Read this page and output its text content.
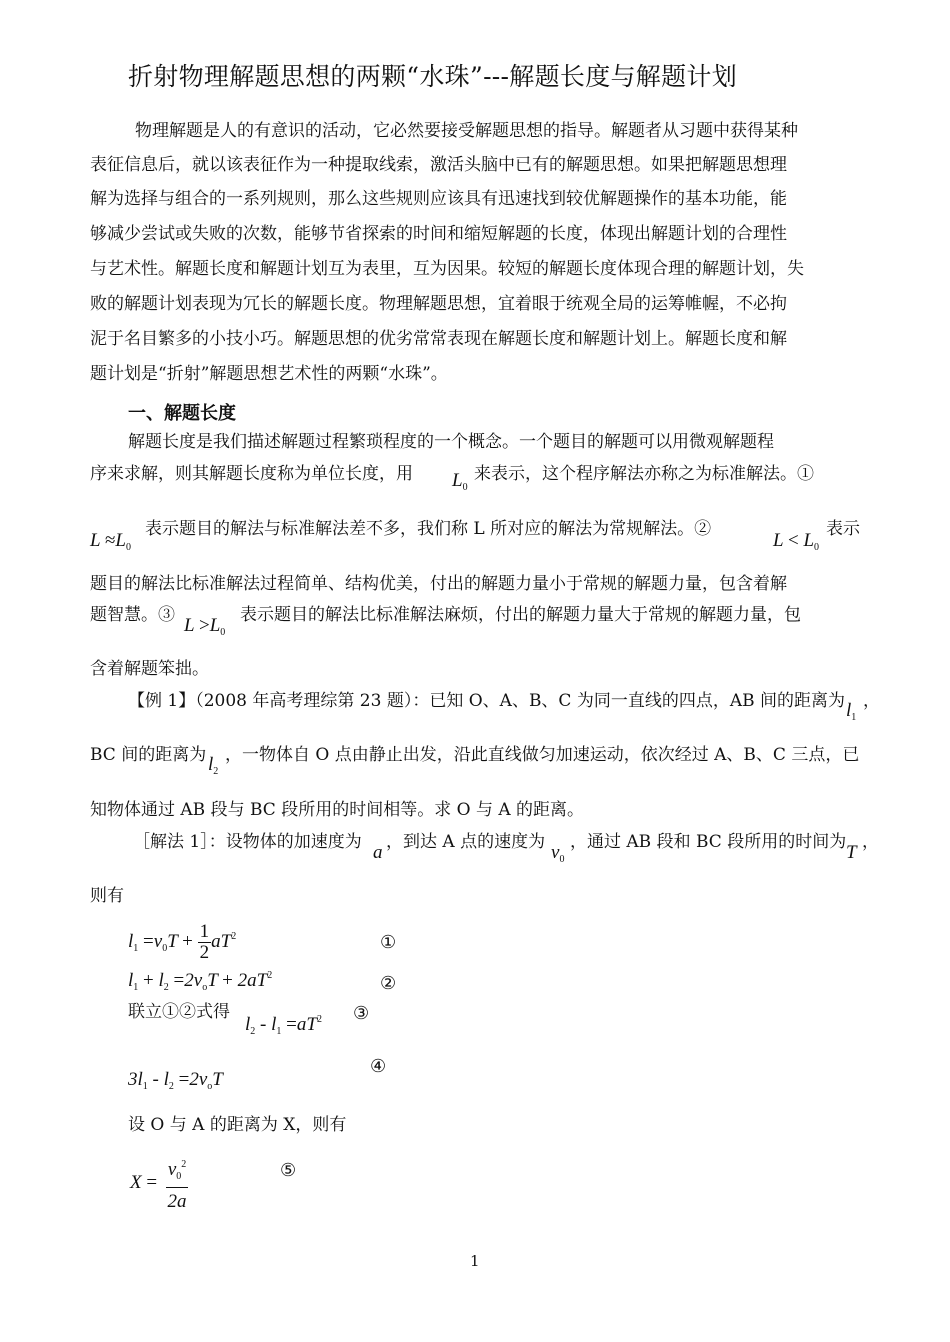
折射物理解题思想的两颗“水珠”---解题长度与解题计划
物理解题是人的有意识的活动，它必然要接受解题思想的指导。解题者从习题中获得某种
表征信息后，就以该表征作为一种提取线索，激活头脑中已有的解题思想。如果把解题思想理
解为选择与组合的一系列规则，那么这些规则应该具有迅速找到较优解题操作的基本功能，能
够减少尝试或失败的次数，能够节省探索的时间和缩短解题的长度，体现出解题计划的合理性
与艺术性。解题长度和解题计划互为表里，互为因果。较短的解题长度体现合理的解题计划，失
败的解题计划表现为冗长的解题长度。物理解题思想，宜着眼于统观全局的运筹帷幄，不必拘
泥于名目繁多的小技小巧。解题思想的优劣常常表现在解题长度和解题计划上。解题长度和解
题计划是“折射”解题思想艺术性的两颗“水珠”。
一、解题长度
解题长度是我们描述解题过程繁琐程度的一个概念。一个题目的解题可以用微观解题程
序来求解，则其解题长度称为单位长度，用 $L_0$
来表示，这个程序解法亦称之为标准解法。①
$L \approx L_0$
表示题目的解法与标准解法差不多，我们称 L 所对应的解法为常规解法。②
$L < L_0$
表示
题目的解法比标准解法过程简单、结构优美，付出的解题力量小于常规的解题力量，包含着解
题智慧。③ $L >L_0$
表示题目的解法比标准解法麻烦，付出的解题力量大于常规的解题力量，包
含着解题笨拙。
【例 1】（2008 年高考理综第 23 题）：已知 O、A、B、C 为同一直线的四点，AB 间的距离为 $l_1$
，
BC 间的距离为 $l_2$
，一物体自 O 点由静止出发，沿此直线做匀加速运动，依次经过 A、B、C 三点，已
知物体通过 AB 段与 BC 段所用的时间相等。求 O 与 A 的距离。
［解法 1］：设物体的加速度为 a ，到达 A 点的速度为 $v_0$
，通过 AB 段和 BC 段所用的时间为 T ，
则有
$l_1 =v_0T + \frac{1}{2} aT^2$	①
$l_1 + l_2 =2v_oT + 2aT^2$	②
联立①②式得
$l_2 - l_1 =aT^2$ ③
$3l_1 - l_2 =2v_oT$
④
设 O 与 A 的距离为 X，则有
$X = \frac{v_0^2}{2a}$	⑤
1
